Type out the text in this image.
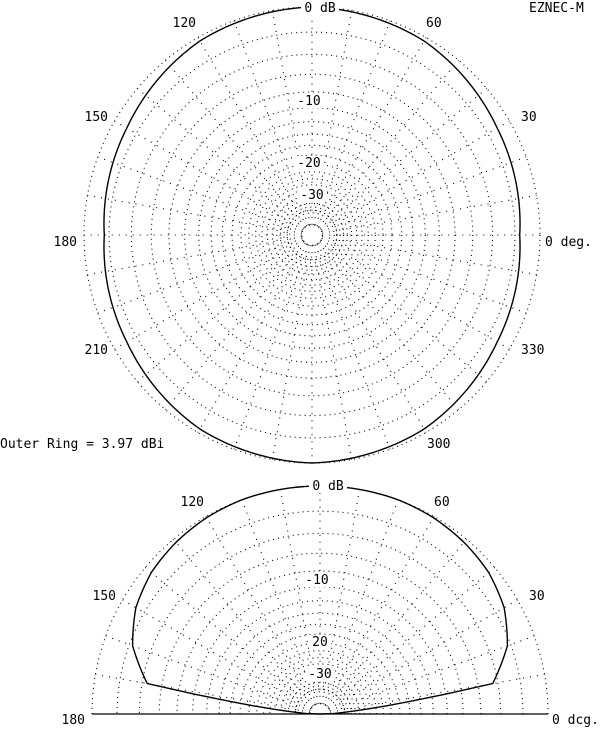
EZNEC-M
Outer Ring = 3.97 dBi
0 dB
-10
-20
-30
0 deg.
30
60
120
150
180
210
300
330
0 dB
-10
20
-30
0 dcg.
30
60
120
150
180
